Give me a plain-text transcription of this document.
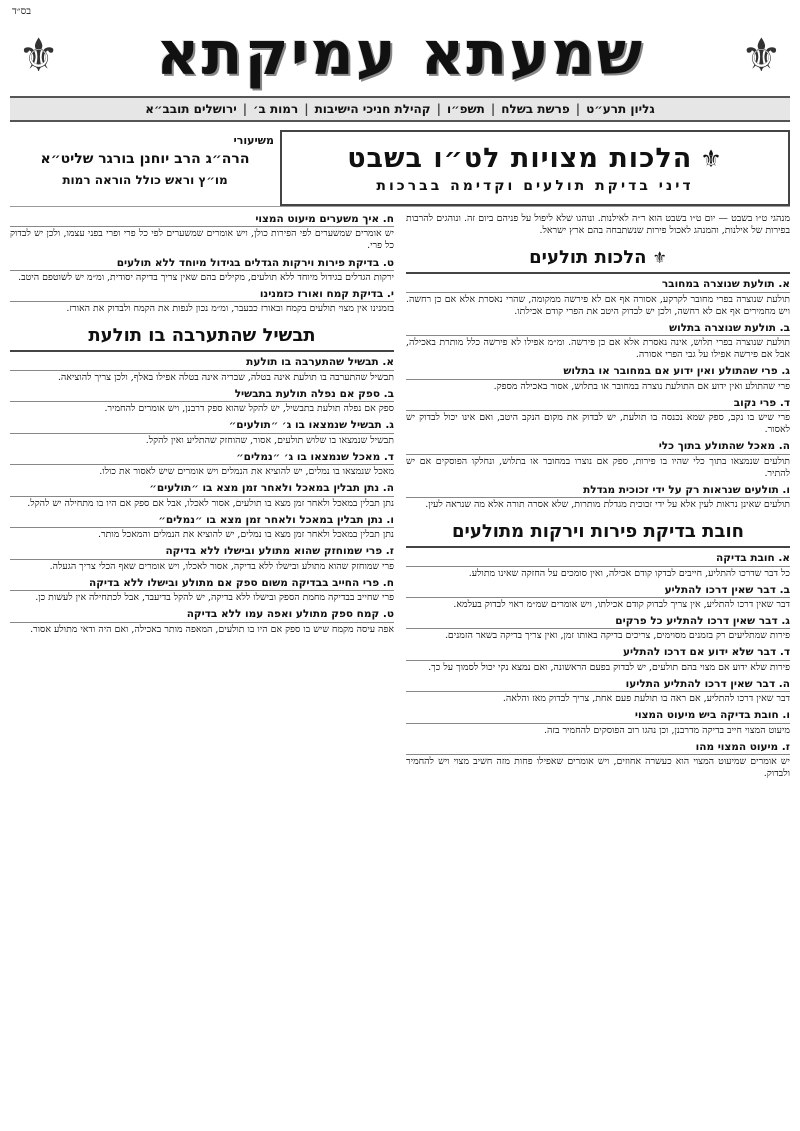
בס״ד
⚜
שמעתא עמיקתא
⚜
גליון תרע״ט
|
פרשת בשלח
|
תשפ״ו
|
קהילת חניכי הישיבות
|
רמות ב׳
|
ירושלים תובב״א
⚜הלכות מצויות לט״ו בשבט
דיני בדיקת תולעים וקדימה בברכות
משיעורי
הרה״ג הרב יוחנן בורגר שליט״א
מו״ץ וראש כולל הוראה רמות

מנהגי ט״ו בשבט — יום ט״ו בשבט הוא ר״ה לאילנות. ונוהגו שלא ליפול על פניהם ביום זה. ונוהגים להרבות בפירות של אילנות, והמנהג לאכול פירות שנשתבחה בהם ארץ ישראל.

⚜הלכות תולעים
א. תולעת שנוצרה במחובר

תולעת שנוצרה בפרי מחובר לקרקע, אסורה אף אם לא פירשה ממקומה, שהרי נאסרת אלא אם כן רחשה. ויש מחמירים אף אם לא רחשה, ולכן יש לבדוק היטב את הפרי קודם אכילתו.

ב. תולעת שנוצרה בתלוש

תולעת שנוצרה בפרי תלוש, אינה נאסרת אלא אם כן פירשה. ומ״מ אפילו לא פירשה כלל מותרת באכילה, אבל אם פירשה אפילו על גבי הפרי אסורה.

ג. פרי שהתולע ואין ידוע אם במחובר או בתלוש

פרי שהתולע ואין ידוע אם התולעת נוצרה במחובר או בתלוש, אסור באכילה מספק.

ד. פרי נקוב

פרי שיש בו נקב, ספק שמא נכנסה בו תולעת, יש לבדוק את מקום הנקב היטב, ואם אינו יכול לבדוק יש לאסור.

ה. מאכל שהתולע בתוך כלי

תולעים שנמצאו בתוך כלי שהיו בו פירות, ספק אם נוצרו במחובר או בתלוש, ונחלקו הפוסקים אם יש להתיר.

ו. תולעים שנראות רק על ידי זכוכית מגדלת

תולעים שאינן נראות לעין אלא על ידי זכוכית מגדלת מותרות, שלא אסרה תורה אלא מה שנראה לעין.

חובת בדיקת פירות וירקות מתולעים
א. חובת בדיקה

כל דבר שדרכו להתליע, חייבים לבדקו קודם אכילה, ואין סומכים על החזקה שאינו מתולע.

ב. דבר שאין דרכו להתליע

דבר שאין דרכו להתליע, אין צריך לבדוק קודם אכילתו, ויש אומרים שמ״מ ראוי לבדוק בעלמא.

ג. דבר שאין דרכו להתליע כל פרקים

פירות שמתליעים רק בזמנים מסוימים, צריכים בדיקה באותו זמן, ואין צריך בדיקה בשאר הזמנים.

ד. דבר שלא ידוע אם דרכו להתליע

פירות שלא ידוע אם מצוי בהם תולעים, יש לבדוק בפעם הראשונה, ואם נמצא נקי יכול לסמוך על כך.

ה. דבר שאין דרכו להתליע התליעו

דבר שאין דרכו להתליע, אם ראה בו תולעת פעם אחת, צריך לבדוק מאז והלאה.

ו. חובת בדיקה ביש מיעוט המצוי

מיעוט המצוי חייב בדיקה מדרבנן, וכן נהגו רוב הפוסקים להחמיר בזה.

ז. מיעוט המצוי מהו

יש אומרים שמיעוט המצוי הוא כעשרה אחוזים, ויש אומרים שאפילו פחות מזה חשיב מצוי ויש להחמיר ולבדוק.

ח. איך משערים מיעוט המצוי

יש אומרים שמשערים לפי הפירות כולן, ויש אומרים שמשערים לפי כל פרי ופרי בפני עצמו, ולכן יש לבדוק כל פרי.

ט. בדיקת פירות וירקות הגדלים בגידול מיוחד ללא תולעים

ירקות הגדלים בגידול מיוחד ללא תולעים, מקילים בהם שאין צריך בדיקה יסודית, ומ״מ יש לשוטפם היטב.

י. בדיקת קמח ואורז כזמנינו

בזמנינו אין מצוי תולעים בקמח ובאורז כבעבר, ומ״מ נכון לנפות את הקמח ולבדוק את האורז.

תבשיל שהתערבה בו תולעת
א. תבשיל שהתערבה בו תולעת

תבשיל שהתערבה בו תולעת אינה בטלה, שבריה אינה בטלה אפילו באלף, ולכן צריך להוציאה.

ב. ספק אם נפלה תולעת בתבשיל

ספק אם נפלה תולעת בתבשיל, יש להקל שהוא ספק דרבנן, ויש אומרים להחמיר.

ג. תבשיל שנמצאו בו ג׳ ״תולעים״

תבשיל שנמצאו בו שלוש תולעים, אסור, שהוחזק שהתליע ואין להקל.

ד. מאכל שנמצאו בו ג׳ ״נמלים״

מאכל שנמצאו בו נמלים, יש להוציא את הנמלים ויש אומרים שיש לאסור את כולו.

ה. נתן תבלין במאכל ולאחר זמן מצא בו ״תולעים״

נתן תבלין במאכל ולאחר זמן מצא בו תולעים, אסור לאכלו, אבל אם ספק אם היו בו מתחילה יש להקל.

ו. נתן תבלין במאכל ולאחר זמן מצא בו ״נמלים״

נתן תבלין במאכל ולאחר זמן מצא בו נמלים, יש להוציא את הנמלים והמאכל מותר.

ז. פרי שמוחזק שהוא מתולע ובישלו ללא בדיקה

פרי שמוחזק שהוא מתולע ובישלו ללא בדיקה, אסור לאכלו, ויש אומרים שאף הכלי צריך הגעלה.

ח. פרי החייב בבדיקה משום ספק אם מתולע ובישלו ללא בדיקה

פרי שחייב בבדיקה מחמת הספק ובישלו ללא בדיקה, יש להקל בדיעבד, אבל לכתחילה אין לעשות כן.

ט. קמח ספק מתולע ואפה עמו ללא בדיקה

אפה עיסה מקמח שיש בו ספק אם היו בו תולעים, המאפה מותר באכילה, ואם היה ודאי מתולע אסור.
